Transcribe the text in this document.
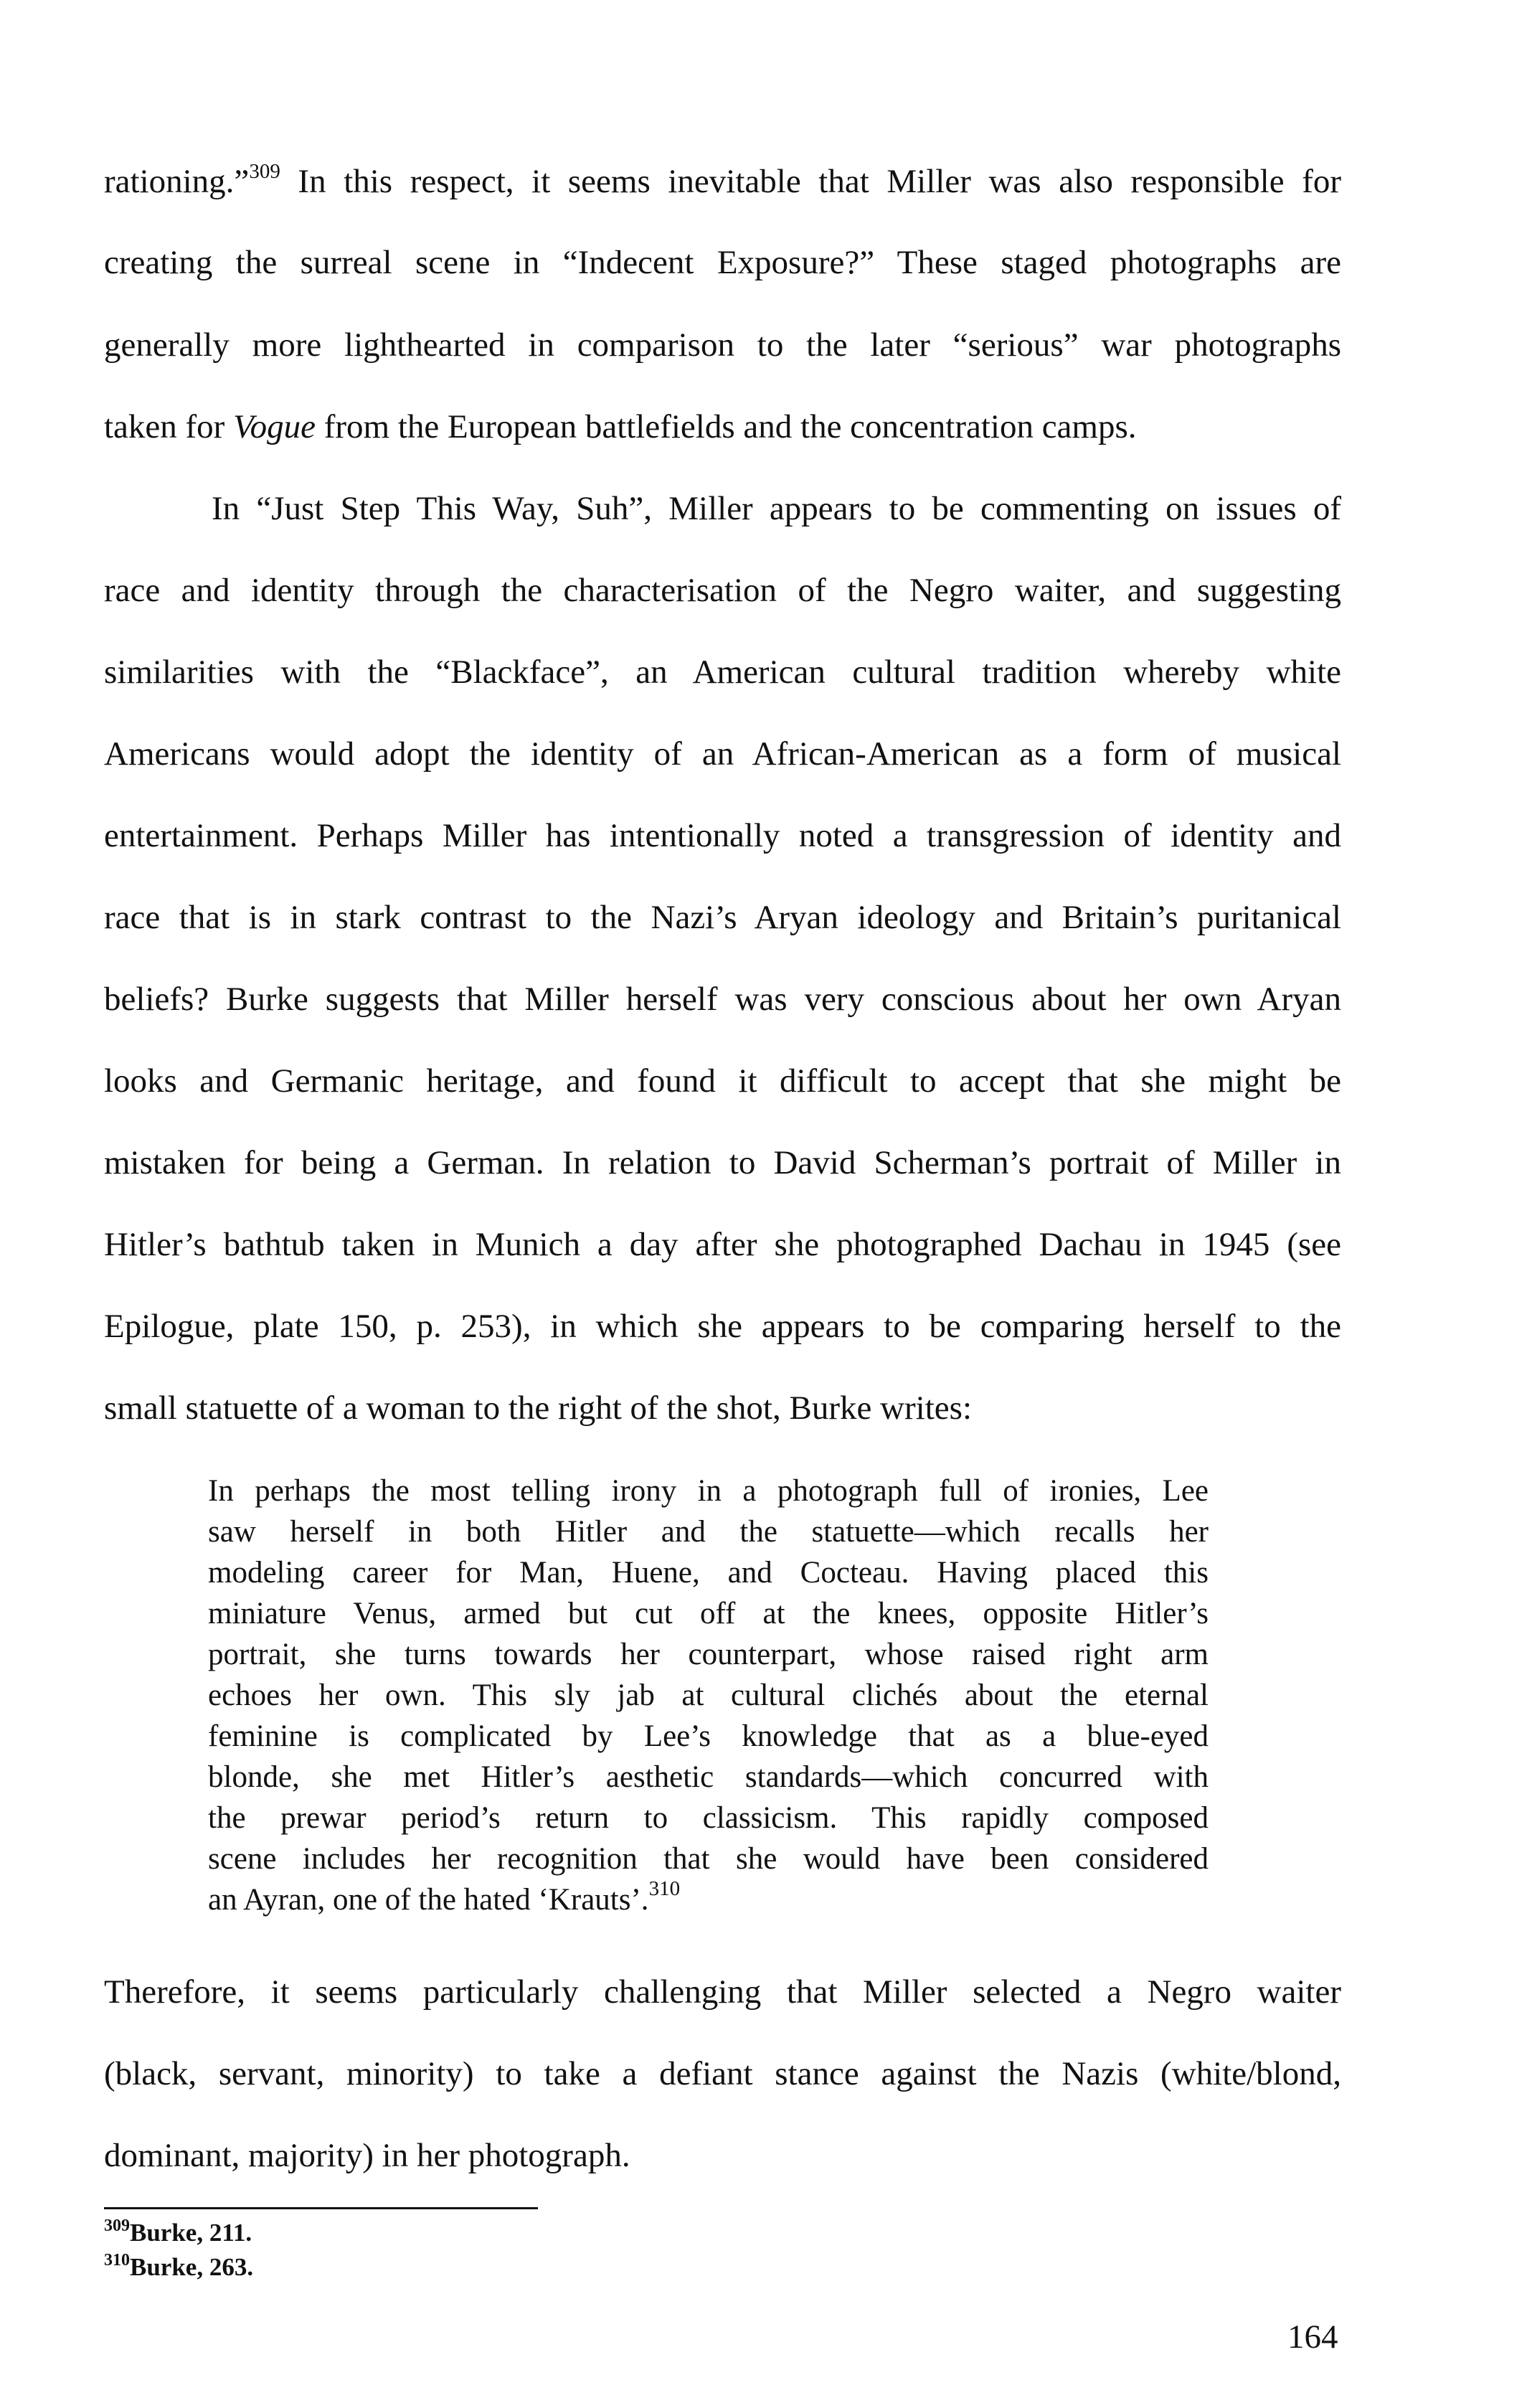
rationing.”$^{309}$ In this respect, it seems inevitable that Miller was also responsible for
creating the surreal scene in “Indecent Exposure?” These staged photographs are
generally more lighthearted in comparison to the later “serious” war photographs
taken for Vogue from the European battlefields and the concentration camps.
In “Just Step This Way, Suh”, Miller appears to be commenting on issues of
race and identity through the characterisation of the Negro waiter, and suggesting
similarities with the “Blackface”, an American cultural tradition whereby white
Americans would adopt the identity of an African-American as a form of musical
entertainment. Perhaps Miller has intentionally noted a transgression of identity and
race that is in stark contrast to the Nazi’s Aryan ideology and Britain’s puritanical
beliefs? Burke suggests that Miller herself was very conscious about her own Aryan
looks and Germanic heritage, and found it difficult to accept that she might be
mistaken for being a German. In relation to David Scherman’s portrait of Miller in
Hitler’s bathtub taken in Munich a day after she photographed Dachau in 1945 (see
Epilogue, plate 150, p. 253), in which she appears to be comparing herself to the
small statuette of a woman to the right of the shot, Burke writes:
In perhaps the most telling irony in a photograph full of ironies, Lee
saw herself in both Hitler and the statuette—which recalls her
modeling career for Man, Huene, and Cocteau. Having placed this
miniature Venus, armed but cut off at the knees, opposite Hitler’s
portrait, she turns towards her counterpart, whose raised right arm
echoes her own. This sly jab at cultural clichés about the eternal
feminine is complicated by Lee’s knowledge that as a blue-eyed
blonde, she met Hitler’s aesthetic standards—which concurred with
the prewar period’s return to classicism. This rapidly composed
scene includes her recognition that she would have been considered
an Ayran, one of the hated ‘Krauts’.$^{310}$
Therefore, it seems particularly challenging that Miller selected a Negro waiter
(black, servant, minority) to take a defiant stance against the Nazis (white/blond,
dominant, majority) in her photograph.
$^{309}$Burke, 211.
$^{310}$Burke, 263.
164
